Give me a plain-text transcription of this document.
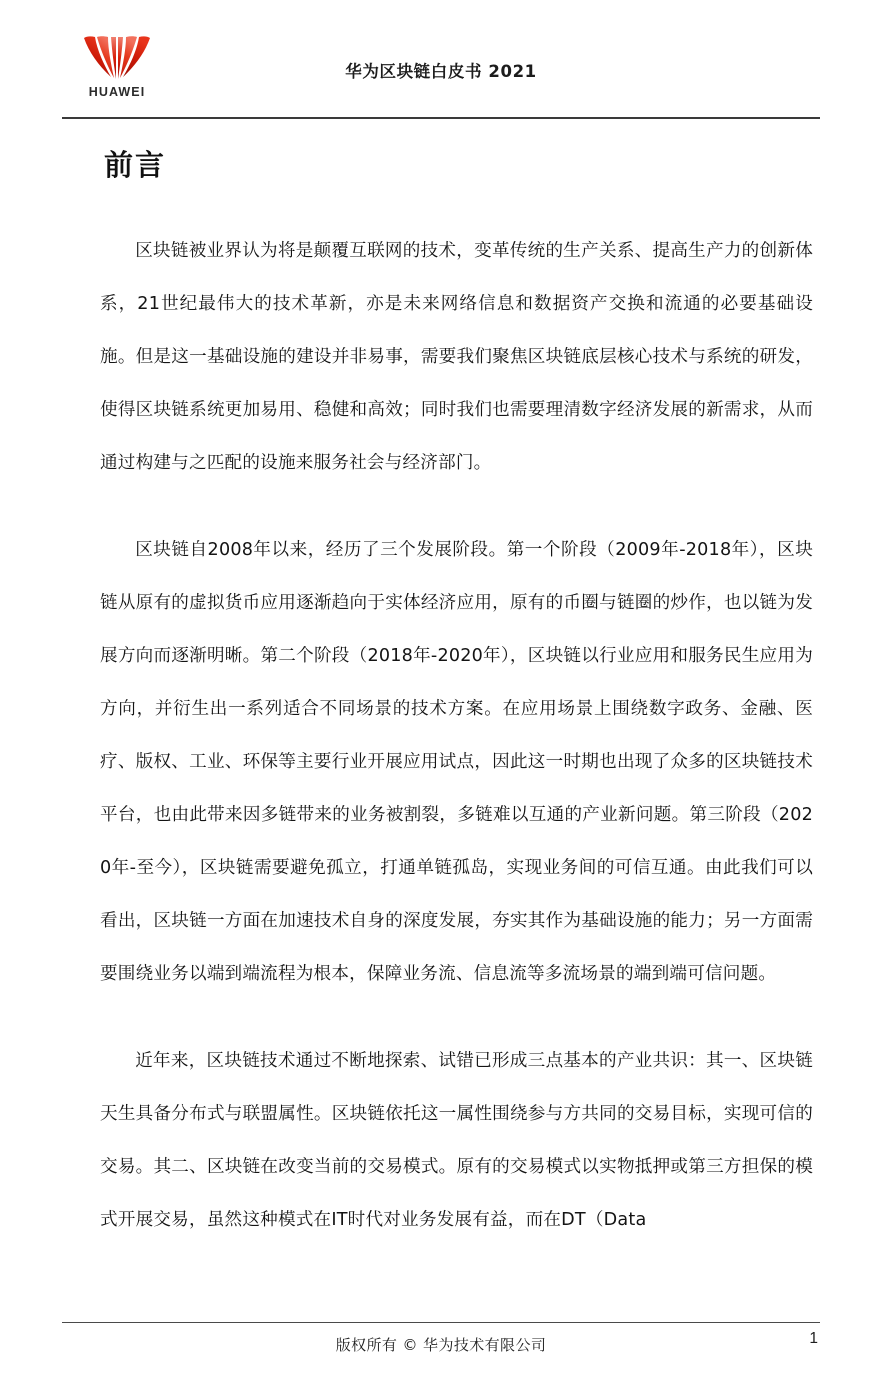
HUAWEI
华为区块链白皮书 2021
前言

区块链被业界认为将是颠覆互联网的技术，变革传统的生产关系、提高生产力的创新体系，21世纪最伟大的技术革新，亦是未来网络信息和数据资产交换和流通的必要基础设施。但是这一基础设施的建设并非易事，需要我们聚焦区块链底层核心技术与系统的研发，使得区块链系统更加易用、稳健和高效；同时我们也需要理清数字经济发展的新需求，从而通过构建与之匹配的设施来服务社会与经济部门。

区块链自2008年以来，经历了三个发展阶段。第一个阶段（2009年-2018年），区块链从原有的虚拟货币应用逐渐趋向于实体经济应用，原有的币圈与链圈的炒作，也以链为发展方向而逐渐明晰。第二个阶段（2018年-2020年），区块链以行业应用和服务民生应用为方向，并衍生出一系列适合不同场景的技术方案。在应用场景上围绕数字政务、金融、医疗、版权、工业、环保等主要行业开展应用试点，因此这一时期也出现了众多的区块链技术平台，也由此带来因多链带来的业务被割裂，多链难以互通的产业新问题。第三阶段（2020年-至今），区块链需要避免孤立，打通单链孤岛，实现业务间的可信互通。由此我们可以看出，区块链一方面在加速技术自身的深度发展，夯实其作为基础设施的能力；另一方面需要围绕业务以端到端流程为根本，保障业务流、信息流等多流场景的端到端可信问题。

近年来，区块链技术通过不断地探索、试错已形成三点基本的产业共识：其一、区块链天生具备分布式与联盟属性。区块链依托这一属性围绕参与方共同的交易目标，实现可信的交易。其二、区块链在改变当前的交易模式。原有的交易模式以实物抵押或第三方担保的模式开展交易，虽然这种模式在IT时代对业务发展有益，而在DT（Data

版权所有 © 华为技术有限公司	1
